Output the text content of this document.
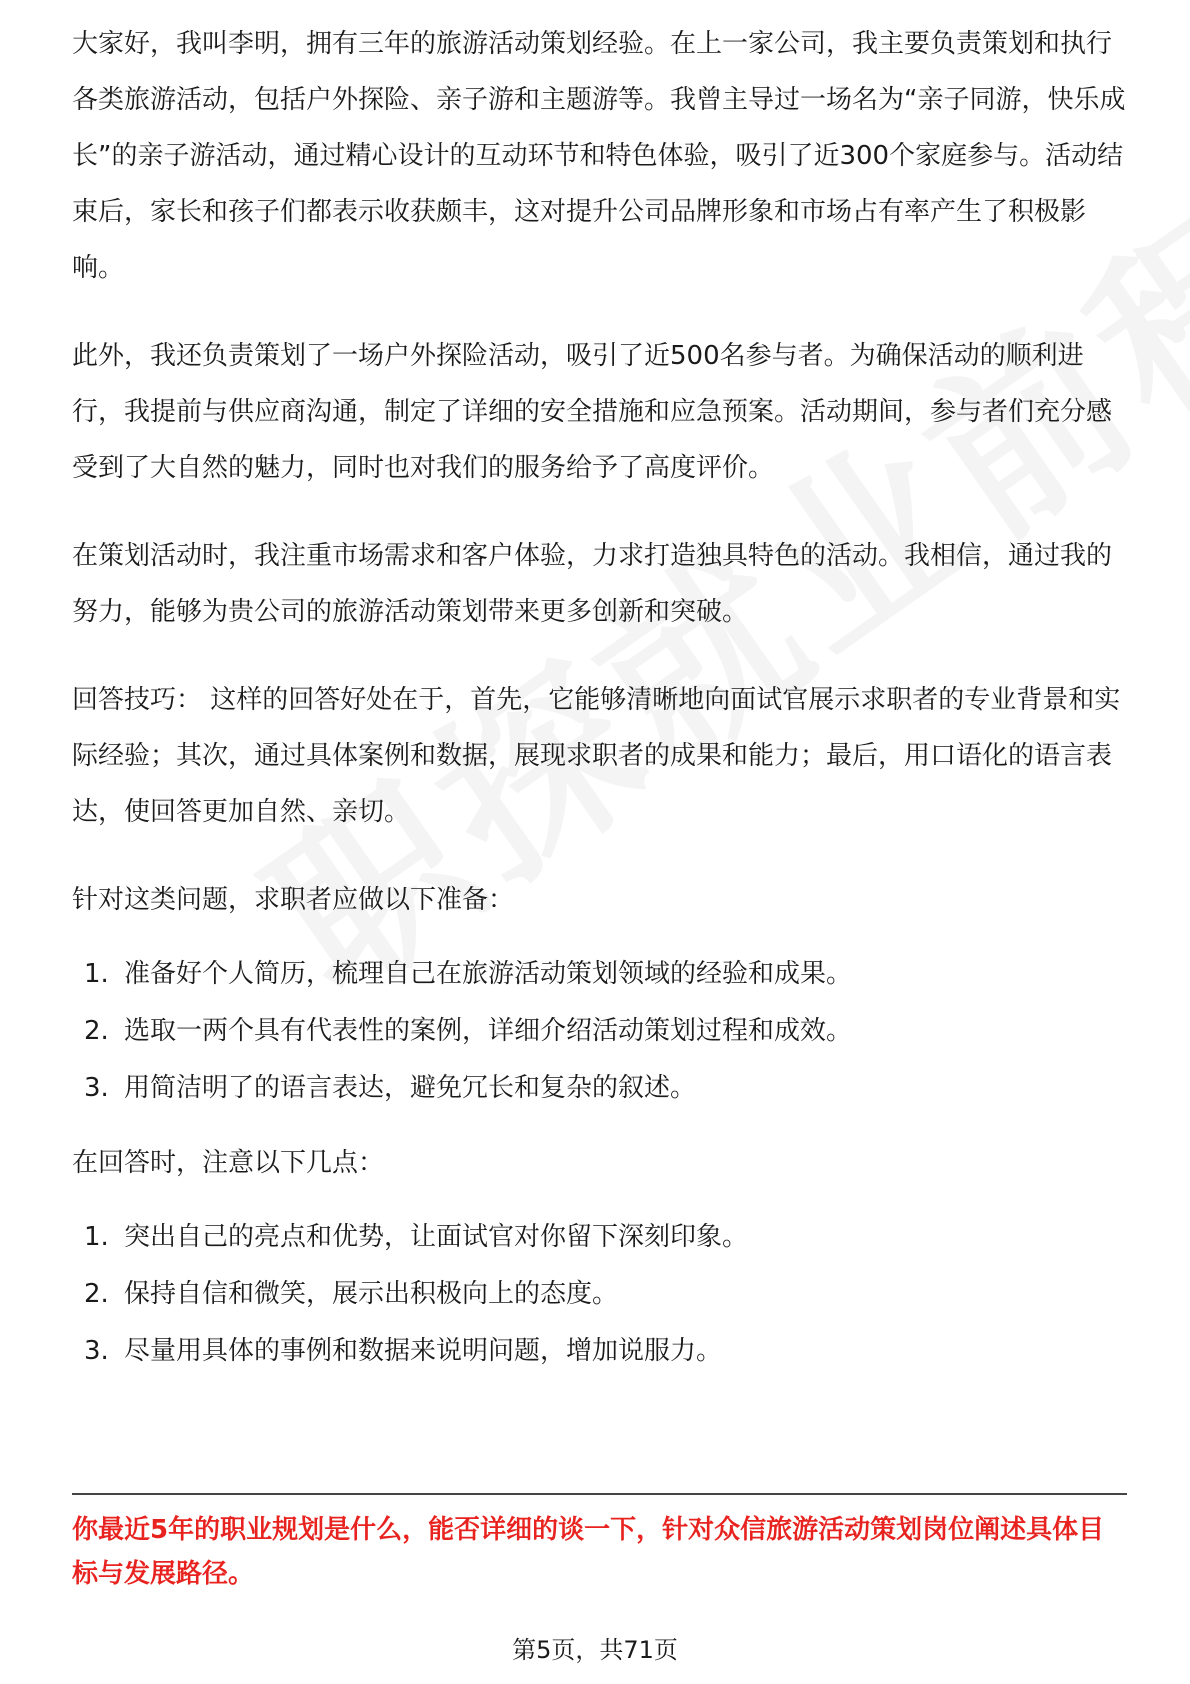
大家好，我叫李明，拥有三年的旅游活动策划经验。在上一家公司，我主要负责策划和执行各类旅游活动，包括户外探险、亲子游和主题游等。我曾主导过一场名为“亲子同游，快乐成长”的亲子游活动，通过精心设计的互动环节和特色体验，吸引了近300个家庭参与。活动结束后，家长和孩子们都表示收获颇丰，这对提升公司品牌形象和市场占有率产生了积极影响。

此外，我还负责策划了一场户外探险活动，吸引了近500名参与者。为确保活动的顺利进行，我提前与供应商沟通，制定了详细的安全措施和应急预案。活动期间，参与者们充分感受到了大自然的魅力，同时也对我们的服务给予了高度评价。

在策划活动时，我注重市场需求和客户体验，力求打造独具特色的活动。我相信，通过我的努力，能够为贵公司的旅游活动策划带来更多创新和突破。

回答技巧： 这样的回答好处在于，首先，它能够清晰地向面试官展示求职者的专业背景和实际经验；其次，通过具体案例和数据，展现求职者的成果和能力；最后，用口语化的语言表达，使回答更加自然、亲切。

针对这类问题，求职者应做以下准备：

1. 准备好个人简历，梳理自己在旅游活动策划领域的经验和成果。
2. 选取一两个具有代表性的案例，详细介绍活动策划过程和成效。
3. 用简洁明了的语言表达，避免冗长和复杂的叙述。

在回答时，注意以下几点：

1. 突出自己的亮点和优势，让面试官对你留下深刻印象。
2. 保持自信和微笑，展示出积极向上的态度。
3. 尽量用具体的事例和数据来说明问题，增加说服力。

你最近5年的职业规划是什么，能否详细的谈一下，针对众信旅游活动策划岗位阐述具体目标与发展路径。

第5页，共71页
